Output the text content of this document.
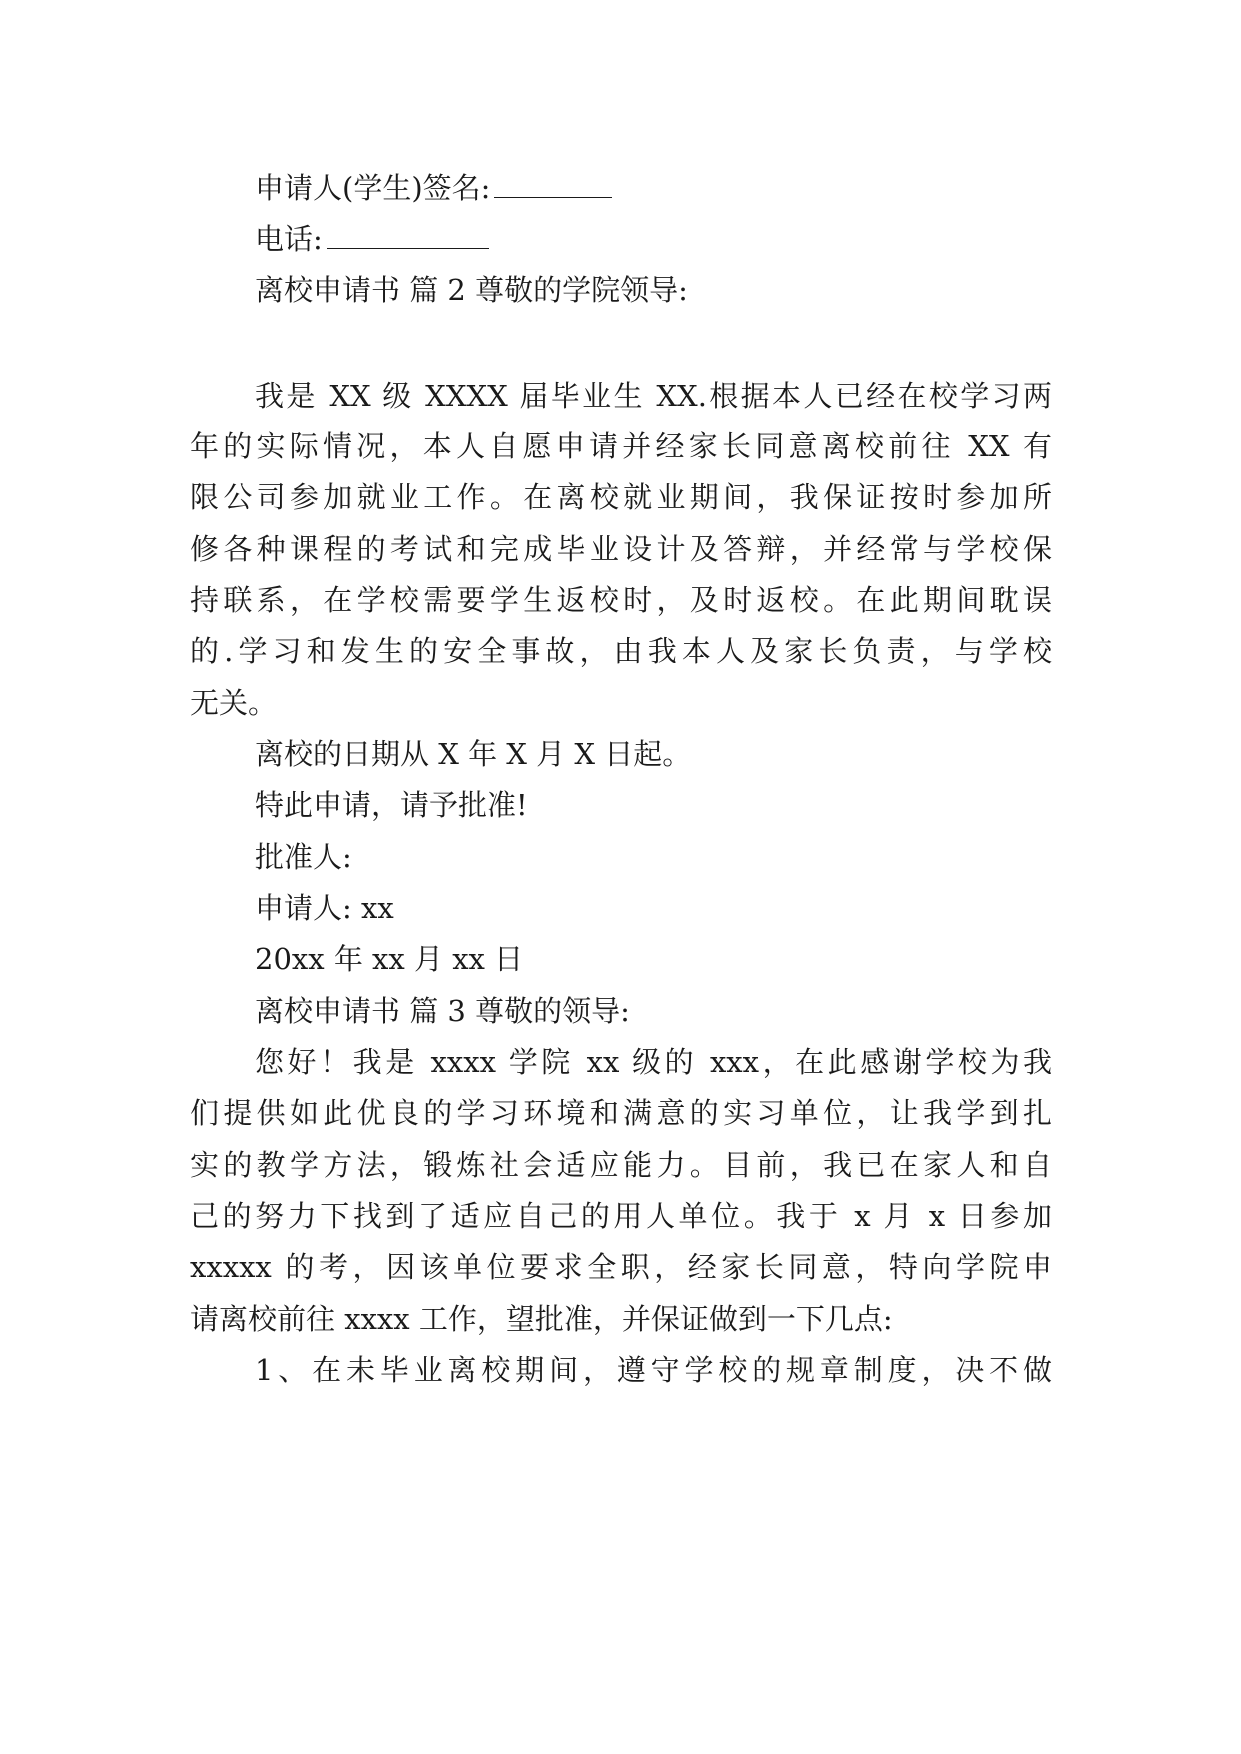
申请人(学生)签名:

电话:

离校申请书 篇 2 尊敬的学院领导:

我是 XX 级 XXXX 届毕业生 XX.根据本人已经在校学习两

年的实际情况，本人自愿申请并经家长同意离校前往 XX 有

限公司参加就业工作。在离校就业期间，我保证按时参加所

修各种课程的考试和完成毕业设计及答辩，并经常与学校保

持联系，在学校需要学生返校时，及时返校。在此期间耽误

的.学习和发生的安全事故，由我本人及家长负责，与学校

无关。

离校的日期从 X 年 X 月 X 日起。

特此申请，请予批准!

批准人:

申请人: xx

20xx 年 xx 月 xx 日

离校申请书 篇 3 尊敬的领导:

您好！我是 xxxx 学院 xx 级的 xxx，在此感谢学校为我

们提供如此优良的学习环境和满意的实习单位，让我学到扎

实的教学方法，锻炼社会适应能力。目前，我已在家人和自

己的努力下找到了适应自己的用人单位。我于 x 月 x 日参加

xxxxx 的考，因该单位要求全职，经家长同意，特向学院申

请离校前往 xxxx 工作，望批准，并保证做到一下几点:

1、在未毕业离校期间，遵守学校的规章制度，决不做
